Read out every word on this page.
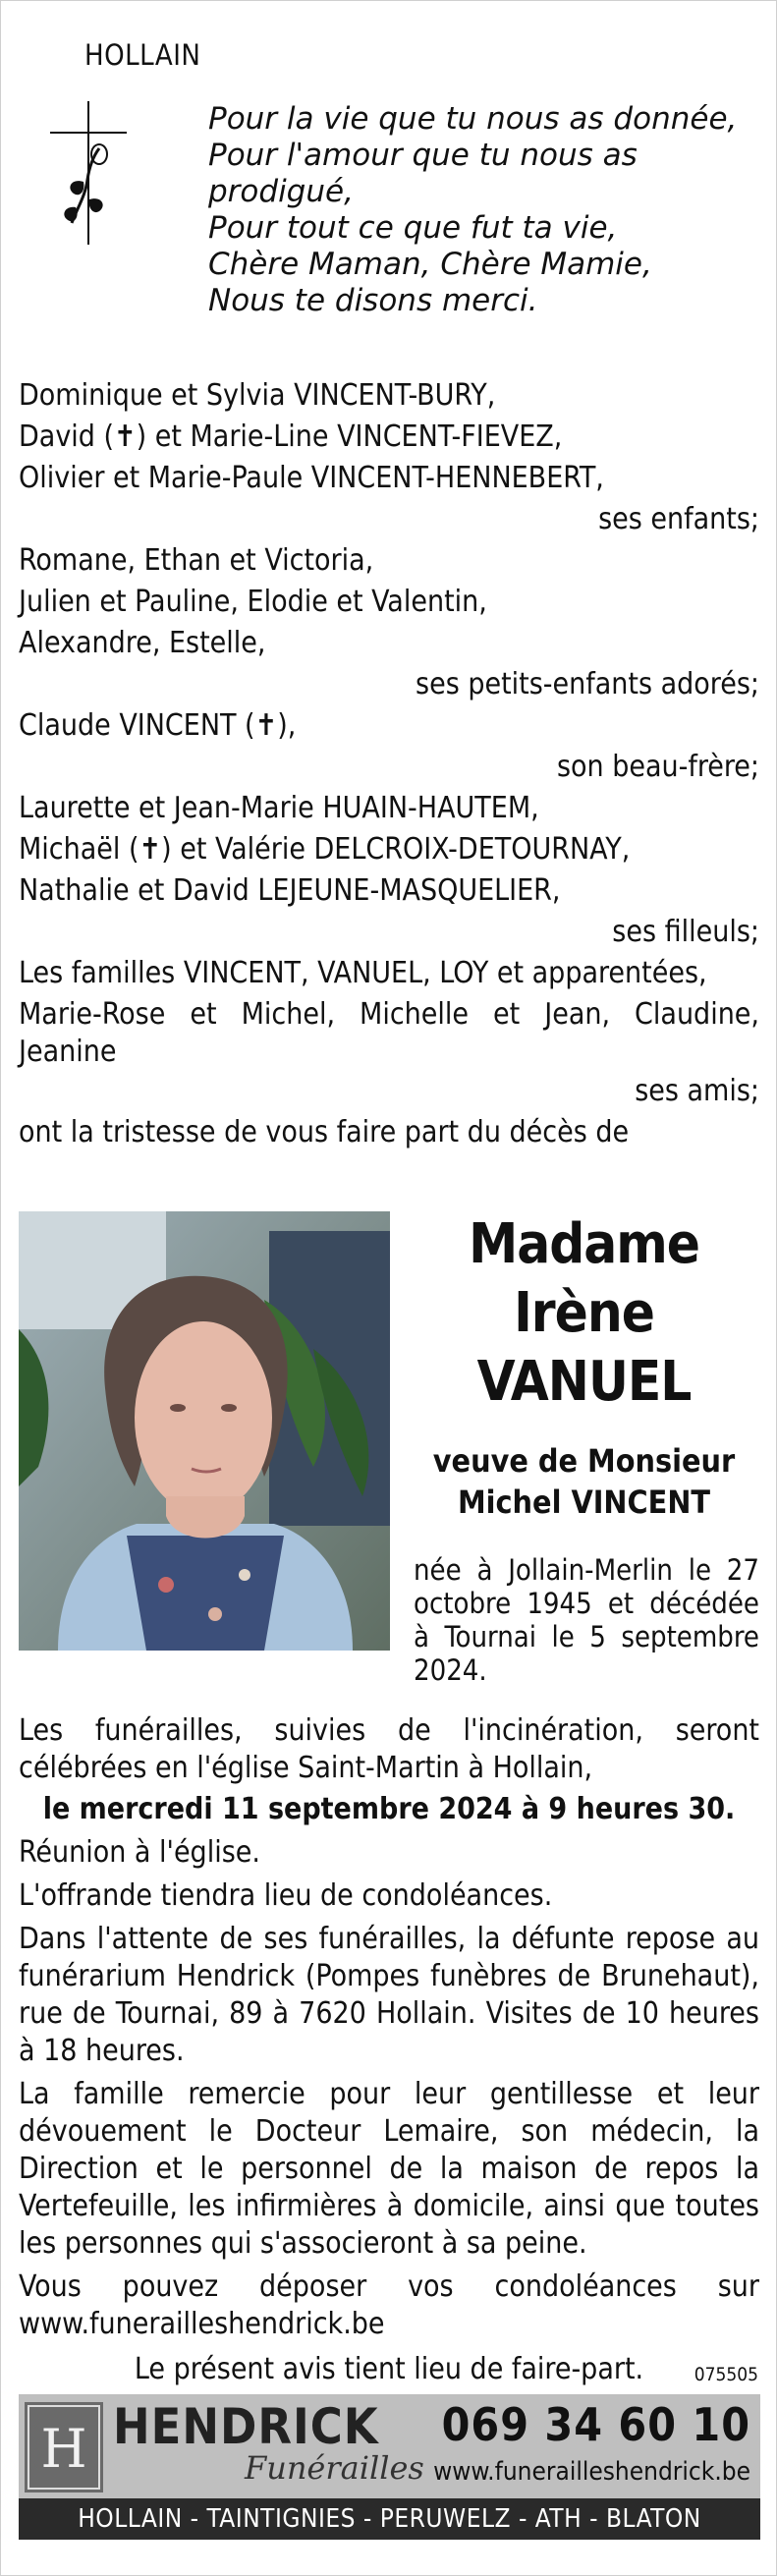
HOLLAIN
Pour la vie que tu nous as donnée,
Pour l'amour que tu nous as
prodigué,
Pour tout ce que fut ta vie,
Chère Maman, Chère Mamie,
Nous te disons merci.
Dominique et Sylvia VINCENT-BURY,
David (✝) et Marie-Line VINCENT-FIEVEZ,
Olivier et Marie-Paule VINCENT-HENNEBERT,
ses enfants;
Romane, Ethan et Victoria,
Julien et Pauline, Elodie et Valentin,
Alexandre, Estelle,
ses petits-enfants adorés;
Claude VINCENT (✝),
son beau-frère;
Laurette et Jean-Marie HUAIN-HAUTEM,
Michaël (✝) et Valérie DELCROIX-DETOURNAY,
Nathalie et David LEJEUNE-MASQUELIER,
ses filleuls;
Les familles VINCENT, VANUEL, LOY et apparentées,
Marie-Rose et Michel, Michelle et Jean, Claudine, Jeanine
ses amis;
ont la tristesse de vous faire part du décès de
Madame
Irène
VANUEL
veuve de Monsieur
Michel VINCENT
née à Jollain-Merlin le 27 octobre 1945 et décédée à Tournai le 5 septembre 2024.
Les funérailles, suivies de l'incinération, seront célébrées en l'église Saint-Martin à Hollain,
le mercredi 11 septembre 2024 à 9 heures 30.
Réunion à l'église.
L'offrande tiendra lieu de condoléances.
Dans l'attente de ses funérailles, la défunte repose au funérarium Hendrick (Pompes funèbres de Brunehaut), rue de Tournai, 89 à 7620 Hollain. Visites de 10 heures à 18 heures.
La famille remercie pour leur gentillesse et leur dévouement le Docteur Lemaire, son médecin, la Direction et le personnel de la maison de repos la Vertefeuille, les infirmières à domicile, ainsi que toutes les personnes qui s'associeront à sa peine.
Vous pouvez déposer vos condoléances sur www.funerailleshendrick.be
Le présent avis tient lieu de faire-part.	075505
H HENDRICK
Funérailles
069 34 60 10
www.funerailleshendrick.be
HOLLAIN - TAINTIGNIES - PERUWELZ - ATH - BLATON
